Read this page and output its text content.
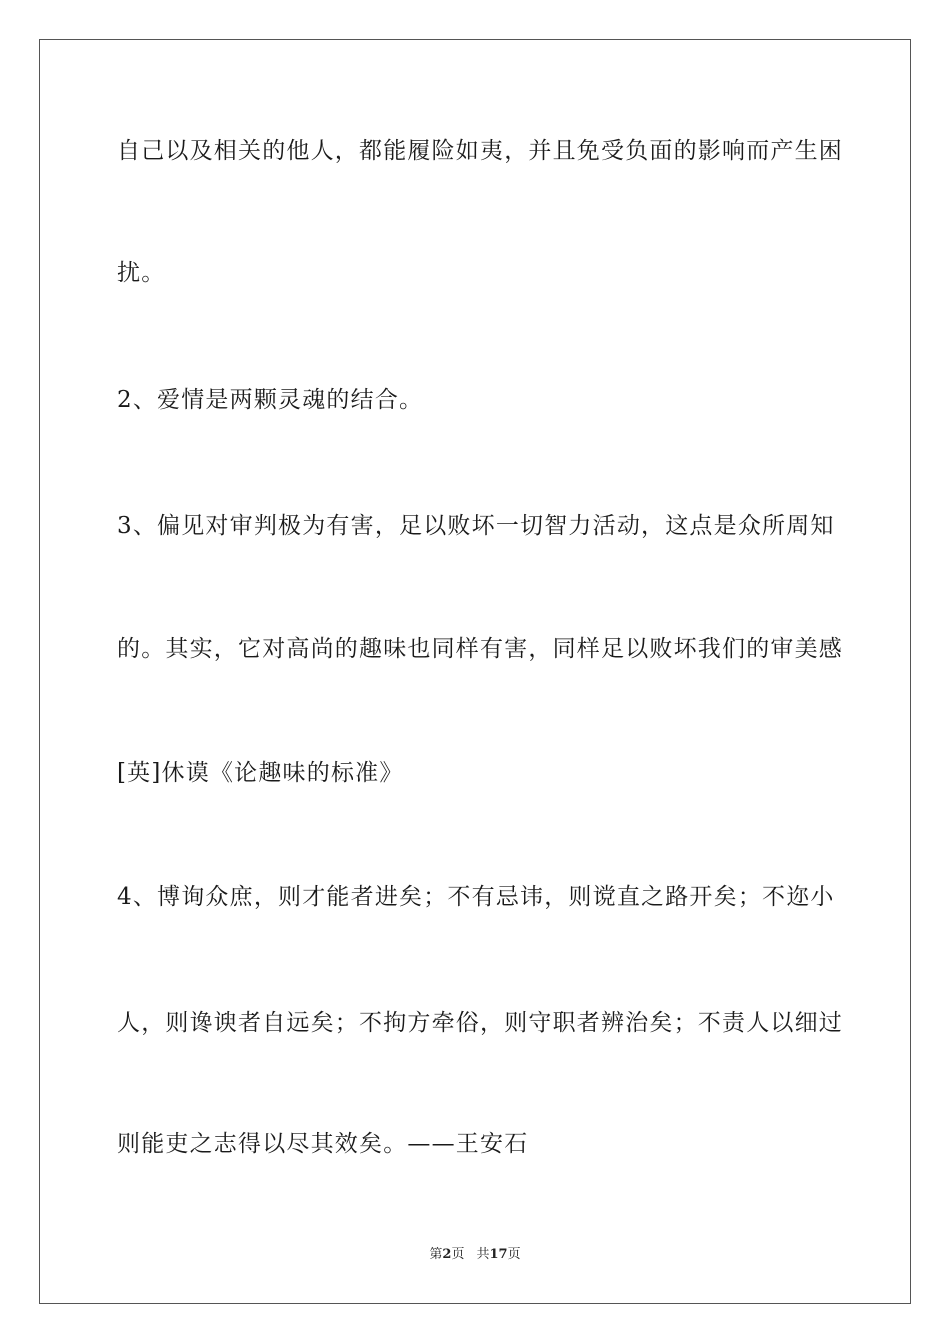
自己以及相关的他人，都能履险如夷，并且免受负面的影响而产生困
扰。
2、爱情是两颗灵魂的结合。
3、偏见对审判极为有害，足以败坏一切智力活动，这点是众所周知
的。其实，它对高尚的趣味也同样有害，同样足以败坏我们的审美感
[英]休谟《论趣味的标准》
4、博询众庶，则才能者进矣；不有忌讳，则谠直之路开矣；不迩小
人，则谗谀者自远矣；不拘方牵俗，则守职者辨治矣；不责人以细过
则能吏之志得以尽其效矣。——王安石
第2页 共17页
